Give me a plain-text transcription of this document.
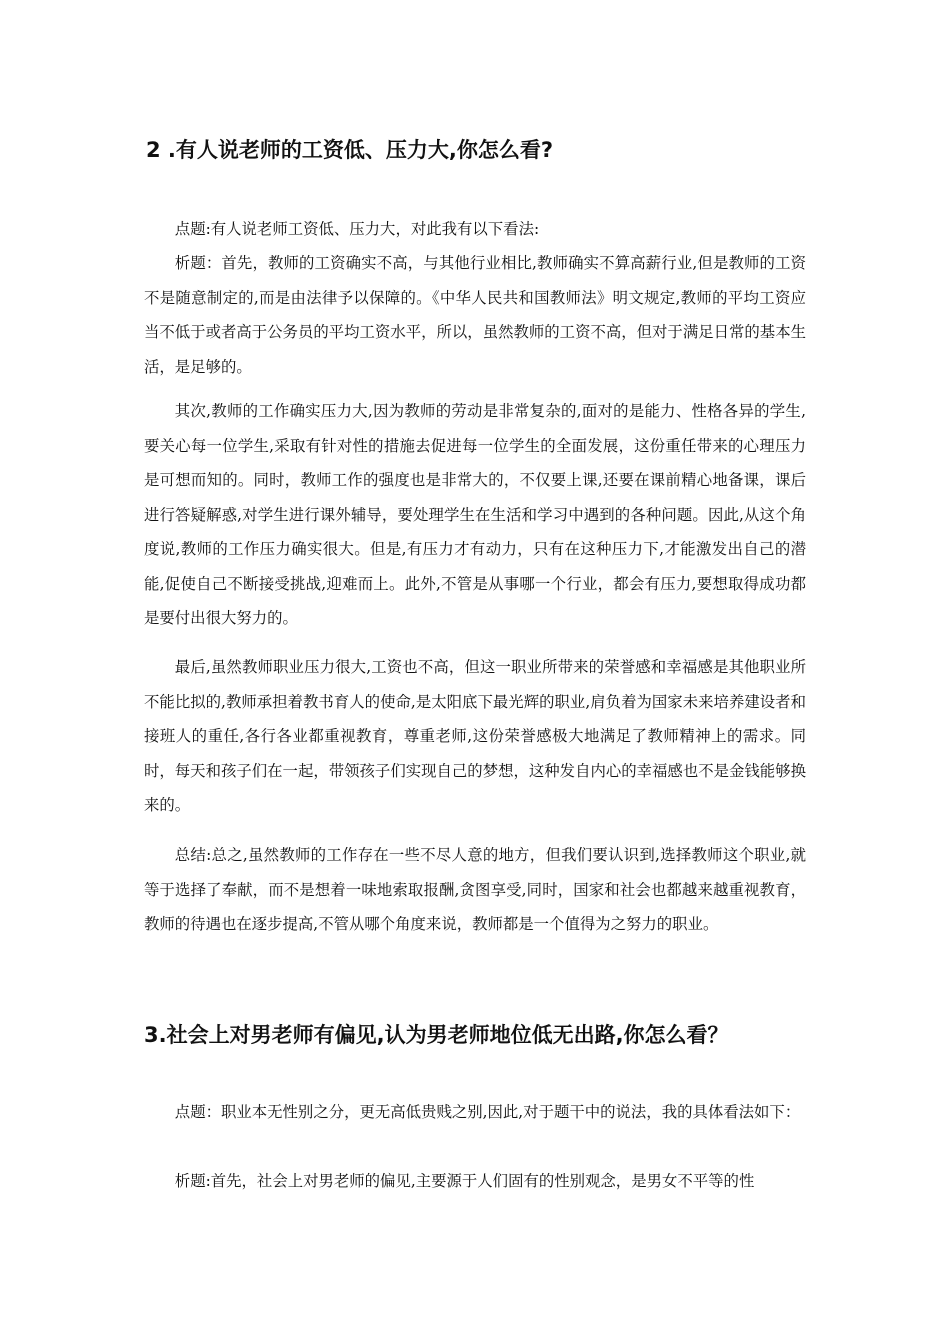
2 .有人说老师的工资低、压力大,你怎么看?

点题:有人说老师工资低、压力大，对此我有以下看法:

析题：首先，教师的工资确实不高，与其他行业相比,教师确实不算高薪行业,但是教师的工资不是随意制定的,而是由法律予以保障的。《中华人民共和国教师法》明文规定,教师的平均工资应当不低于或者高于公务员的平均工资水平，所以，虽然教师的工资不高，但对于满足日常的基本生活，是足够的。

其次,教师的工作确实压力大,因为教师的劳动是非常复杂的,面对的是能力、性格各异的学生,要关心每一位学生,采取有针对性的措施去促进每一位学生的全面发展，这份重任带来的心理压力是可想而知的。同时，教师工作的强度也是非常大的，不仅要上课,还要在课前精心地备课，课后进行答疑解惑,对学生进行课外辅导，要处理学生在生活和学习中遇到的各种问题。因此,从这个角度说,教师的工作压力确实很大。但是,有压力才有动力，只有在这种压力下,才能激发出自己的潜能,促使自己不断接受挑战,迎难而上。此外,不管是从事哪一个行业，都会有压力,要想取得成功都是要付出很大努力的。

最后,虽然教师职业压力很大,工资也不高，但这一职业所带来的荣誉感和幸福感是其他职业所不能比拟的,教师承担着教书育人的使命,是太阳底下最光辉的职业,肩负着为国家未来培养建设者和接班人的重任,各行各业都重视教育，尊重老师,这份荣誉感极大地满足了教师精神上的需求。同时，每天和孩子们在一起，带领孩子们实现自己的梦想，这种发自内心的幸福感也不是金钱能够换来的。

总结:总之,虽然教师的工作存在一些不尽人意的地方，但我们要认识到,选择教师这个职业,就等于选择了奉献，而不是想着一味地索取报酬,贪图享受,同时，国家和社会也都越来越重视教育，教师的待遇也在逐步提高,不管从哪个角度来说，教师都是一个值得为之努力的职业。

3.社会上对男老师有偏见,认为男老师地位低无出路,你怎么看？

点题：职业本无性别之分，更无高低贵贱之别,因此,对于题干中的说法，我的具体看法如下：

析题:首先，社会上对男老师的偏见,主要源于人们固有的性别观念，是男女不平等的性
